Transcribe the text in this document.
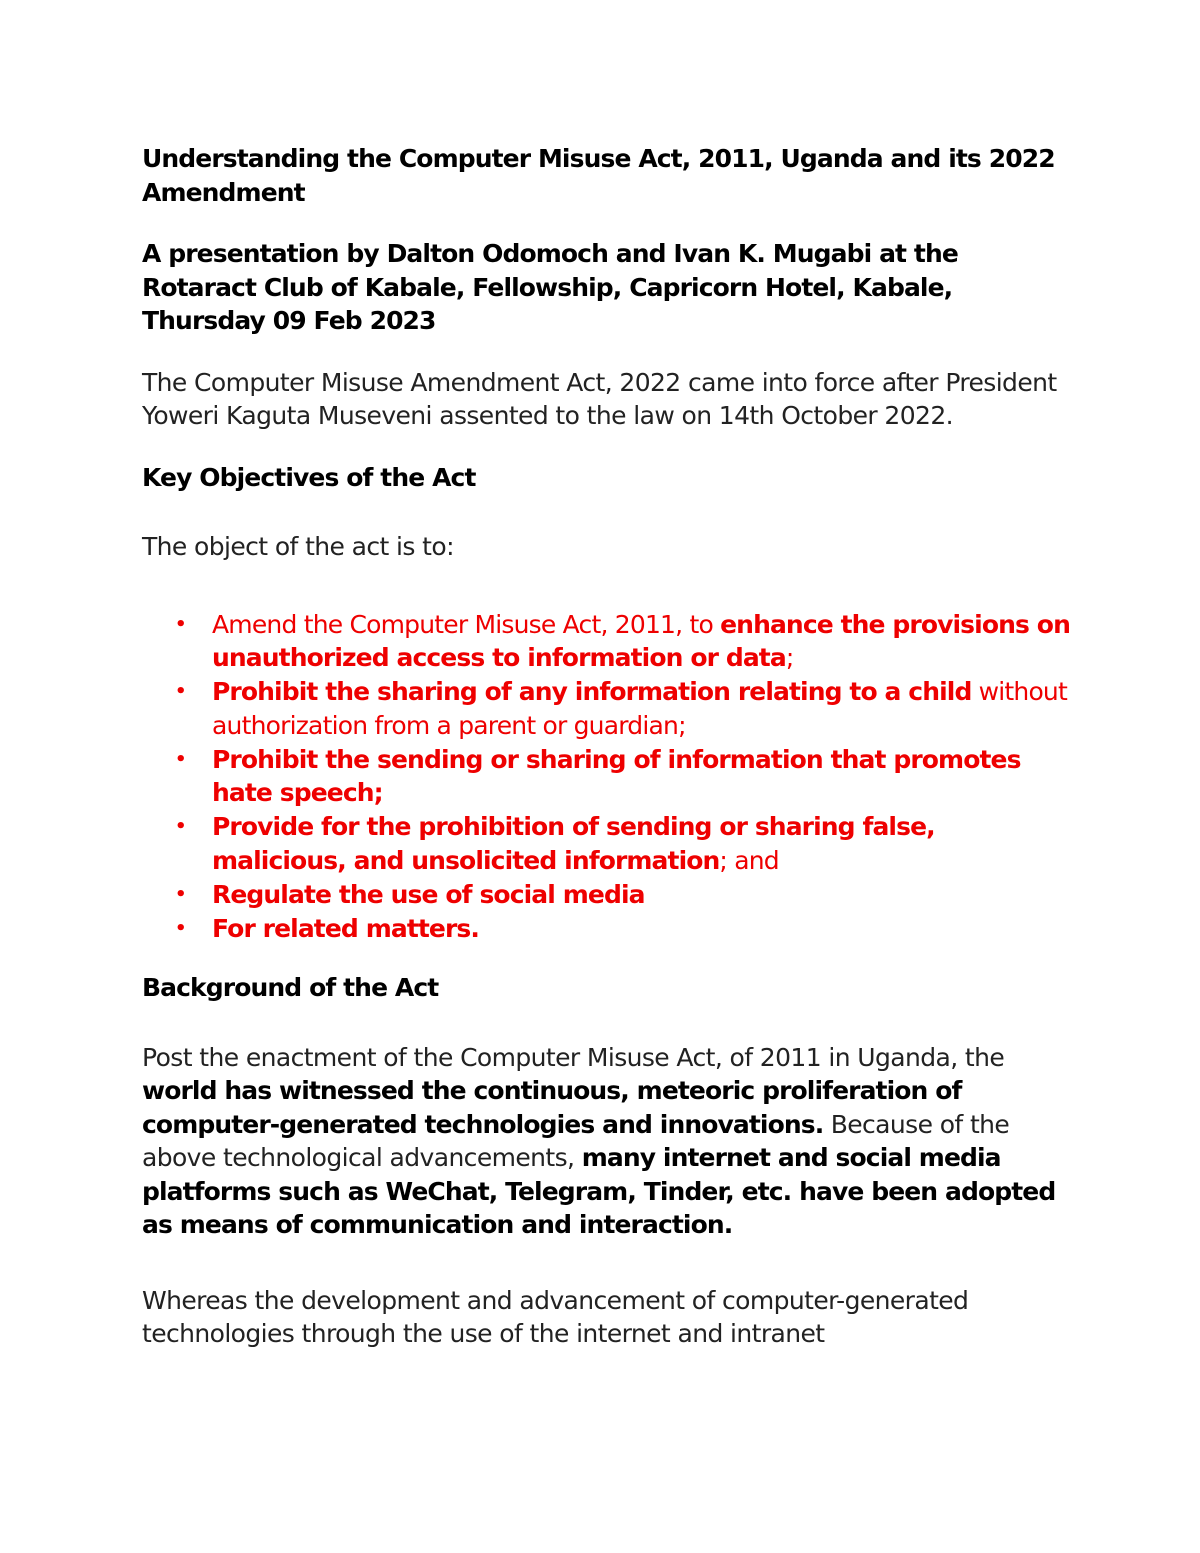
Understanding the Computer Misuse Act, 2011, Uganda and its 2022 Amendment

A presentation by Dalton Odomoch and Ivan K. Mugabi at the Rotaract Club of Kabale, Fellowship, Capricorn Hotel, Kabale, Thursday 09 Feb 2023

The Computer Misuse Amendment Act, 2022 came into force after President Yoweri Kaguta Museveni assented to the law on 14th October 2022.

Key Objectives of the Act

The object of the act is to:

• Amend the Computer Misuse Act, 2011, to enhance the provisions on unauthorized access to information or data;
• Prohibit the sharing of any information relating to a child without authorization from a parent or guardian;
• Prohibit the sending or sharing of information that promotes hate speech;
• Provide for the prohibition of sending or sharing false, malicious, and unsolicited information; and
• Regulate the use of social media
• For related matters.

Background of the Act

Post the enactment of the Computer Misuse Act, of 2011 in Uganda, the world has witnessed the continuous, meteoric proliferation of computer-generated technologies and innovations. Because of the above technological advancements, many internet and social media platforms such as WeChat, Telegram, Tinder, etc. have been adopted as means of communication and interaction.

Whereas the development and advancement of computer-generated technologies through the use of the internet and intranet
